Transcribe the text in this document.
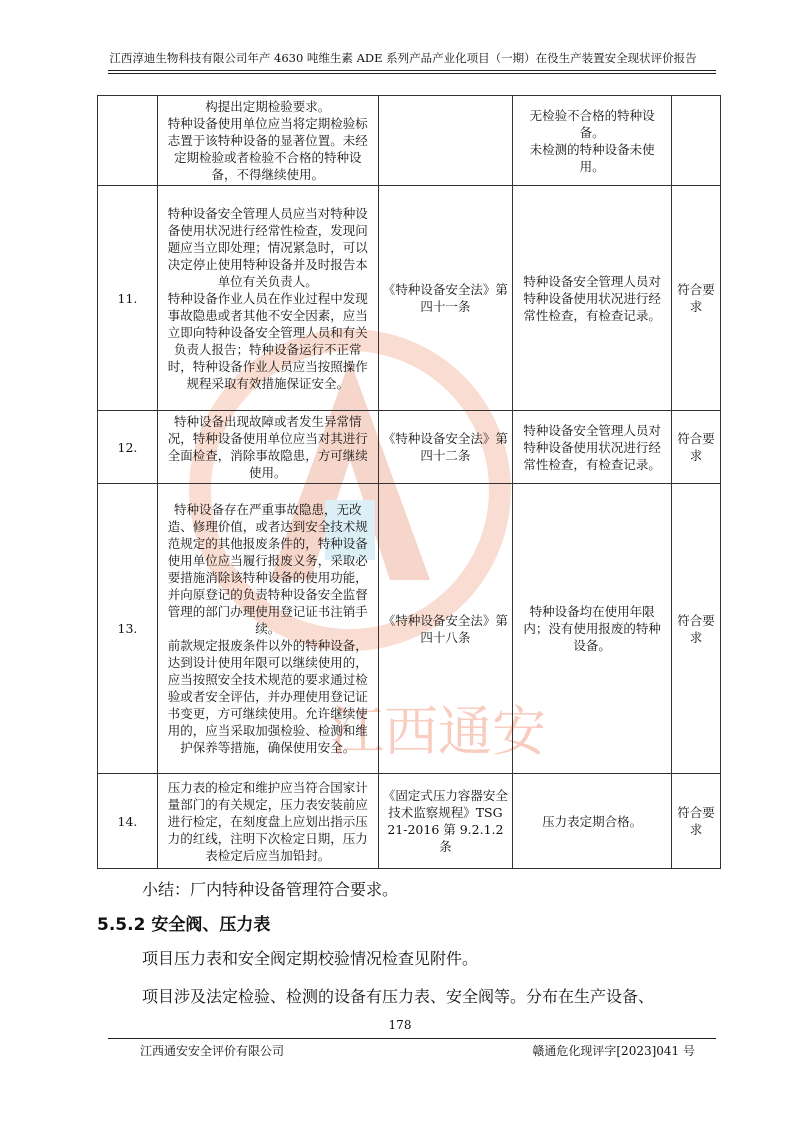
江西淳迪生物科技有限公司年产 4630 吨维生素 ADE 系列产品产业化项目（一期）在役生产装置安全现状评价报告
江西通安

	构提出定期检验要求。
特种设备使用单位应当将定期检验标志置于该特种设备的显著位置。未经定期检验或者检验不合格的特种设备，不得继续使用。		无检验不合格的特种设备。
未检测的特种设备未使用。	

11.	特种设备安全管理人员应当对特种设备使用状况进行经常性检查，发现问题应当立即处理；情况紧急时，可以决定停止使用特种设备并及时报告本单位有关负责人。
特种设备作业人员在作业过程中发现事故隐患或者其他不安全因素，应当立即向特种设备安全管理人员和有关负责人报告；特种设备运行不正常时，特种设备作业人员应当按照操作规程采取有效措施保证安全。	《特种设备安全法》第四十一条	特种设备安全管理人员对特种设备使用状况进行经常性检查，有检查记录。	符合要求
12.	特种设备出现故障或者发生异常情况，特种设备使用单位应当对其进行全面检查，消除事故隐患，方可继续使用。	《特种设备安全法》第四十二条	特种设备安全管理人员对特种设备使用状况进行经常性检查，有检查记录。	符合要求
13.	特种设备存在严重事故隐患，无改造、修理价值，或者达到安全技术规范规定的其他报废条件的，特种设备使用单位应当履行报废义务，采取必要措施消除该特种设备的使用功能，并向原登记的负责特种设备安全监督管理的部门办理使用登记证书注销手续。
前款规定报废条件以外的特种设备，达到设计使用年限可以继续使用的，应当按照安全技术规范的要求通过检验或者安全评估，并办理使用登记证书变更，方可继续使用。允许继续使用的，应当采取加强检验、检测和维护保养等措施，确保使用安全。	《特种设备安全法》第四十八条	特种设备均在使用年限内；没有使用报废的特种设备。	符合要求
14.	压力表的检定和维护应当符合国家计量部门的有关规定，压力表安装前应进行检定，在刻度盘上应划出指示压力的红线，注明下次检定日期，压力表检定后应当加铅封。	《固定式压力容器安全技术监察规程》TSG 21-2016 第 9.2.1.2 条	压力表定期合格。	符合要求
小结：厂内特种设备管理符合要求。
5.5.2 安全阀、压力表
项目压力表和安全阀定期校验情况检查见附件。
项目涉及法定检验、检测的设备有压力表、安全阀等。分布在生产设备、
178
江西通安安全评价有限公司	赣通危化现评字[2023]041 号
